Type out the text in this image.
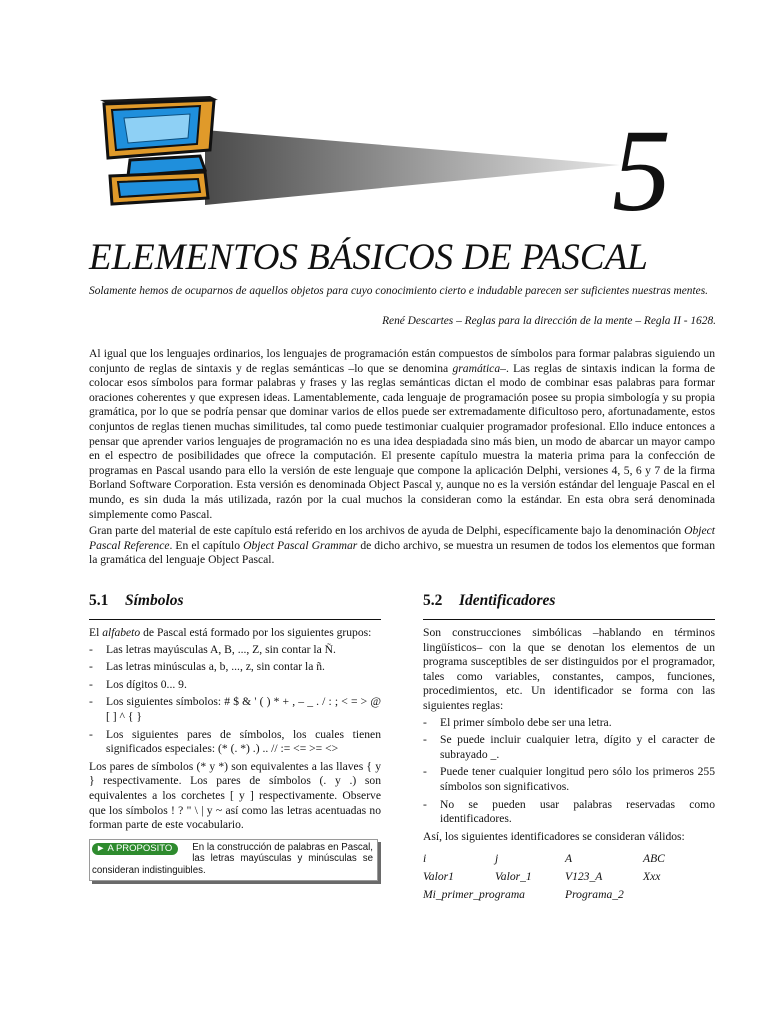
5
ELEMENTOS BÁSICOS DE PASCAL
Solamente hemos de ocuparnos de aquellos objetos para cuyo conocimiento cierto e indudable parecen ser suficientes nuestras mentes.
René Descartes – Reglas para la dirección de la mente – Regla II - 1628.

Al igual que los lenguajes ordinarios, los lenguajes de programación están compuestos de símbolos para formar palabras siguiendo un conjunto de reglas de sintaxis y de reglas semánticas –lo que se denomina gramática–. Las reglas de sintaxis indican la forma de colocar esos símbolos para formar palabras y frases y las reglas semánticas dictan el modo de combinar esas palabras para formar oraciones coherentes y que expresen ideas. Lamentablemente, cada lenguaje de programación posee su propia simbología y su propia gramática, por lo que se podría pensar que dominar varios de ellos puede ser extremadamente dificultoso pero, afortunadamente, estos conjuntos de reglas tienen muchas similitudes, tal como puede testimoniar cualquier programador profesional. Ello induce entonces a pensar que aprender varios lenguajes de programación no es una idea despiadada sino más bien, un modo de abarcar un mayor campo en el espectro de posibilidades que ofrece la computación. El presente capítulo muestra la materia prima para la confección de programas en Pascal usando para ello la versión de este lenguaje que compone la aplicación Delphi, versiones 4, 5, 6 y 7 de la firma Borland Software Corporation. Esta versión es denominada Object Pascal y, aunque no es la versión estándar del lenguaje Pascal en el mundo, es sin duda la más utilizada, razón por la cual muchos la consideran como la estándar. En esta obra será denominada simplemente como Pascal.

Gran parte del material de este capítulo está referido en los archivos de ayuda de Delphi, específicamente bajo la denominación Object Pascal Reference. En el capítulo Object Pascal Grammar de dicho archivo, se muestra un resumen de todos los elementos que forman la gramática del lenguaje Object Pascal.

5.1 Símbolos

El alfabeto de Pascal está formado por los siguientes grupos:

- Las letras mayúsculas A, B, ..., Z, sin contar la Ñ.
- Las letras minúsculas a, b, ..., z, sin contar la ñ.
- Los dígitos 0... 9.
- Los siguientes símbolos: # $ & ' ( ) * + , – _ . / : ; < = > @ [ ] ^ { }
- Los siguientes pares de símbolos, los cuales tienen significados especiales: (* (. *) .) .. // := <= >= <>

Los pares de símbolos (* y *) son equivalentes a las llaves { y } respectivamente. Los pares de símbolos (. y .) son equivalentes a los corchetes [ y ] respectivamente. Observe que los símbolos ! ? " \ | y ~ así como las letras acentuadas no forman parte de este vocabulario.

► A PROPOSITO	En la construcción de palabras en Pascal, las letras mayúsculas y minúsculas se consideran indistinguibles.
5.2 Identificadores

Son construcciones simbólicas –hablando en términos lingüísticos– con la que se denotan los elementos de un programa susceptibles de ser distinguidos por el programador, tales como variables, constantes, campos, funciones, procedimientos, etc. Un identificador se forma con las siguientes reglas:

- El primer símbolo debe ser una letra.
- Se puede incluir cualquier letra, dígito y el caracter de subrayado _.
- Puede tener cualquier longitud pero sólo los primeros 255 símbolos son significativos.
- No se pueden usar palabras reservadas como identificadores.

Así, los siguientes identificadores se consideran válidos:

i	j	A	ABC
Valor1	Valor_1	V123_A	Xxx
Mi_primer_programa	Programa_2
